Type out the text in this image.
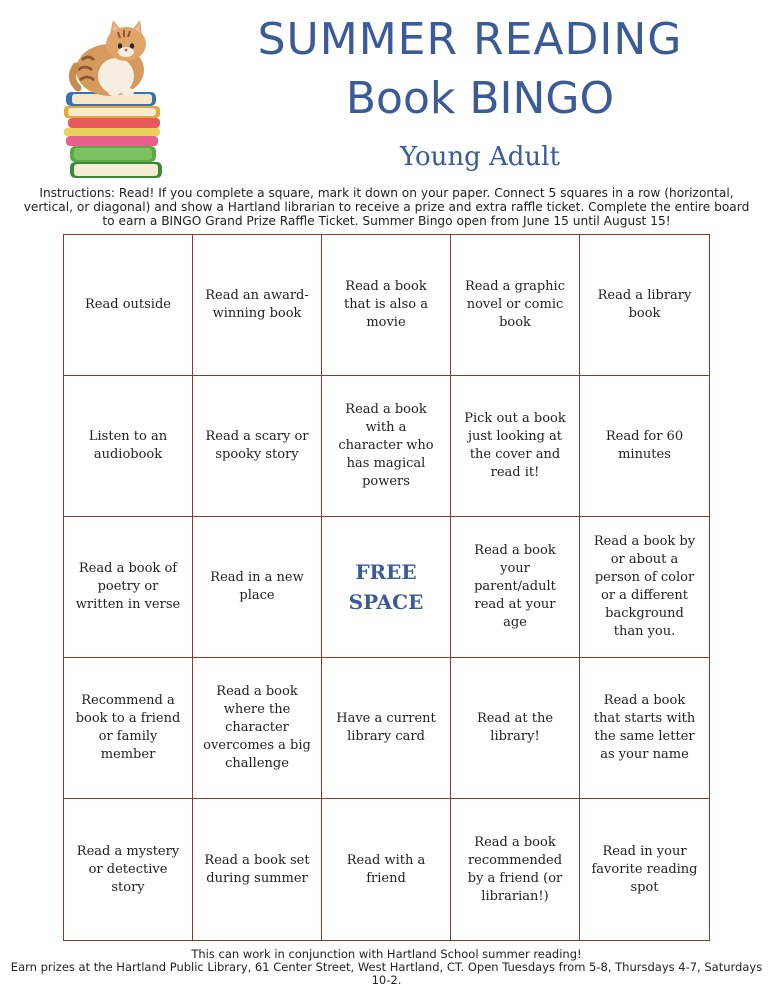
SUMMER READING
Book BINGO
Young Adult
Instructions: Read! If you complete a square, mark it down on your paper. Connect 5 squares in a row (horizontal, vertical, or diagonal) and show a Hartland librarian to receive a prize and extra raffle ticket. Complete the entire board to earn a BINGO Grand Prize Raffle Ticket. Summer Bingo open from June 15 until August 15!
Read outside
Read an award-winning book
Read a book that is also a movie
Read a graphic novel or comic book
Read a library book
Listen to an audiobook
Read a scary or spooky story
Read a book with a character who has magical powers
Pick out a book just looking at the cover and read it!
Read for 60 minutes
Read a book of poetry or written in verse
Read in a new place
FREE SPACE
Read a book your parent/adult read at your age
Read a book by or about a person of color or a different background than you.
Recommend a book to a friend or family member
Read a book where the character overcomes a big challenge
Have a current library card
Read at the library!
Read a book that starts with the same letter as your name
Read a mystery or detective story
Read a book set during summer
Read with a friend
Read a book recommended by a friend (or librarian!)
Read in your favorite reading spot
This can work in conjunction with Hartland School summer reading!
Earn prizes at the Hartland Public Library, 61 Center Street, West Hartland, CT. Open Tuesdays from 5-8, Thursdays 4-7, Saturdays 10-2.
